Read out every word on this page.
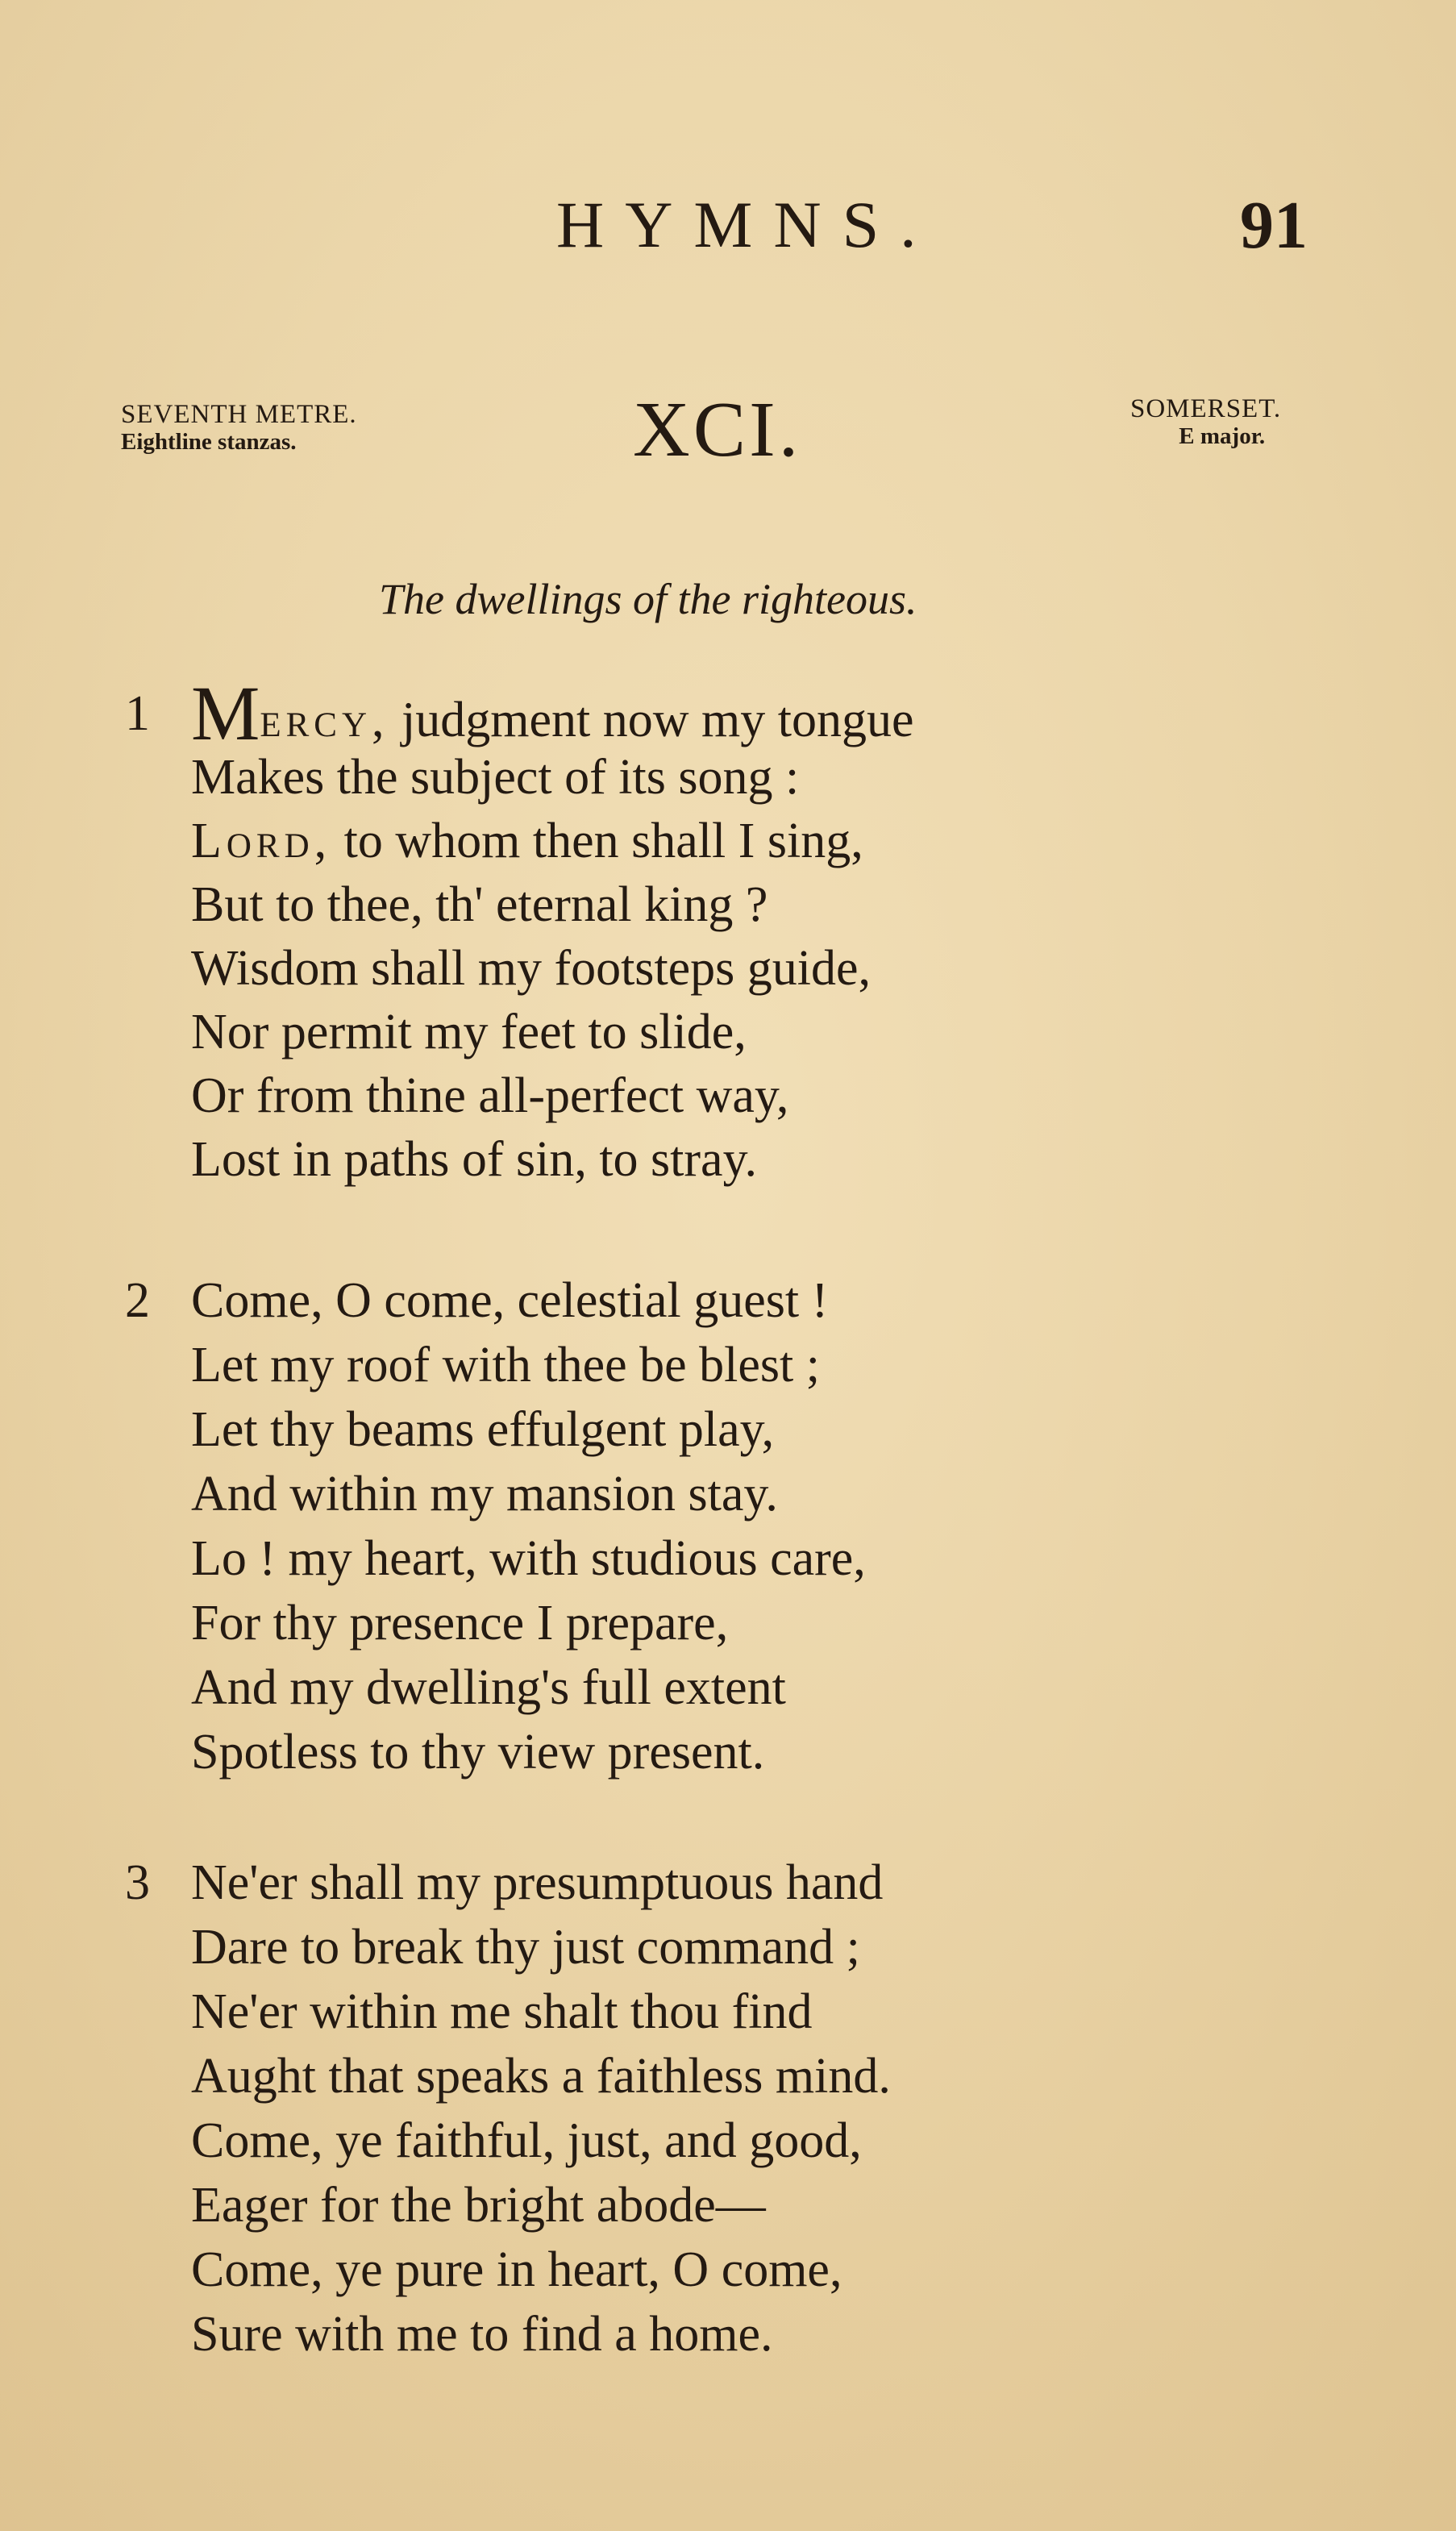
HYMNS.	91
SEVENTH METRE.
Eightline stanzas.	XCI.	SOMERSET.
E major.
The dwellings of the righteous.
1 Mercy, judgment now my tongue
Makes the subject of its song :
Lord, to whom then shall I sing,
But to thee, th' eternal king ?
Wisdom shall my footsteps guide,
Nor permit my feet to slide,
Or from thine all-perfect way,
Lost in paths of sin, to stray.
2 Come, O come, celestial guest !
Let my roof with thee be blest ;
Let thy beams effulgent play,
And within my mansion stay.
Lo ! my heart, with studious care,
For thy presence I prepare,
And my dwelling's full extent
Spotless to thy view present.
3 Ne'er shall my presumptuous hand
Dare to break thy just command ;
Ne'er within me shalt thou find
Aught that speaks a faithless mind.
Come, ye faithful, just, and good,
Eager for the bright abode—
Come, ye pure in heart, O come,
Sure with me to find a home.
